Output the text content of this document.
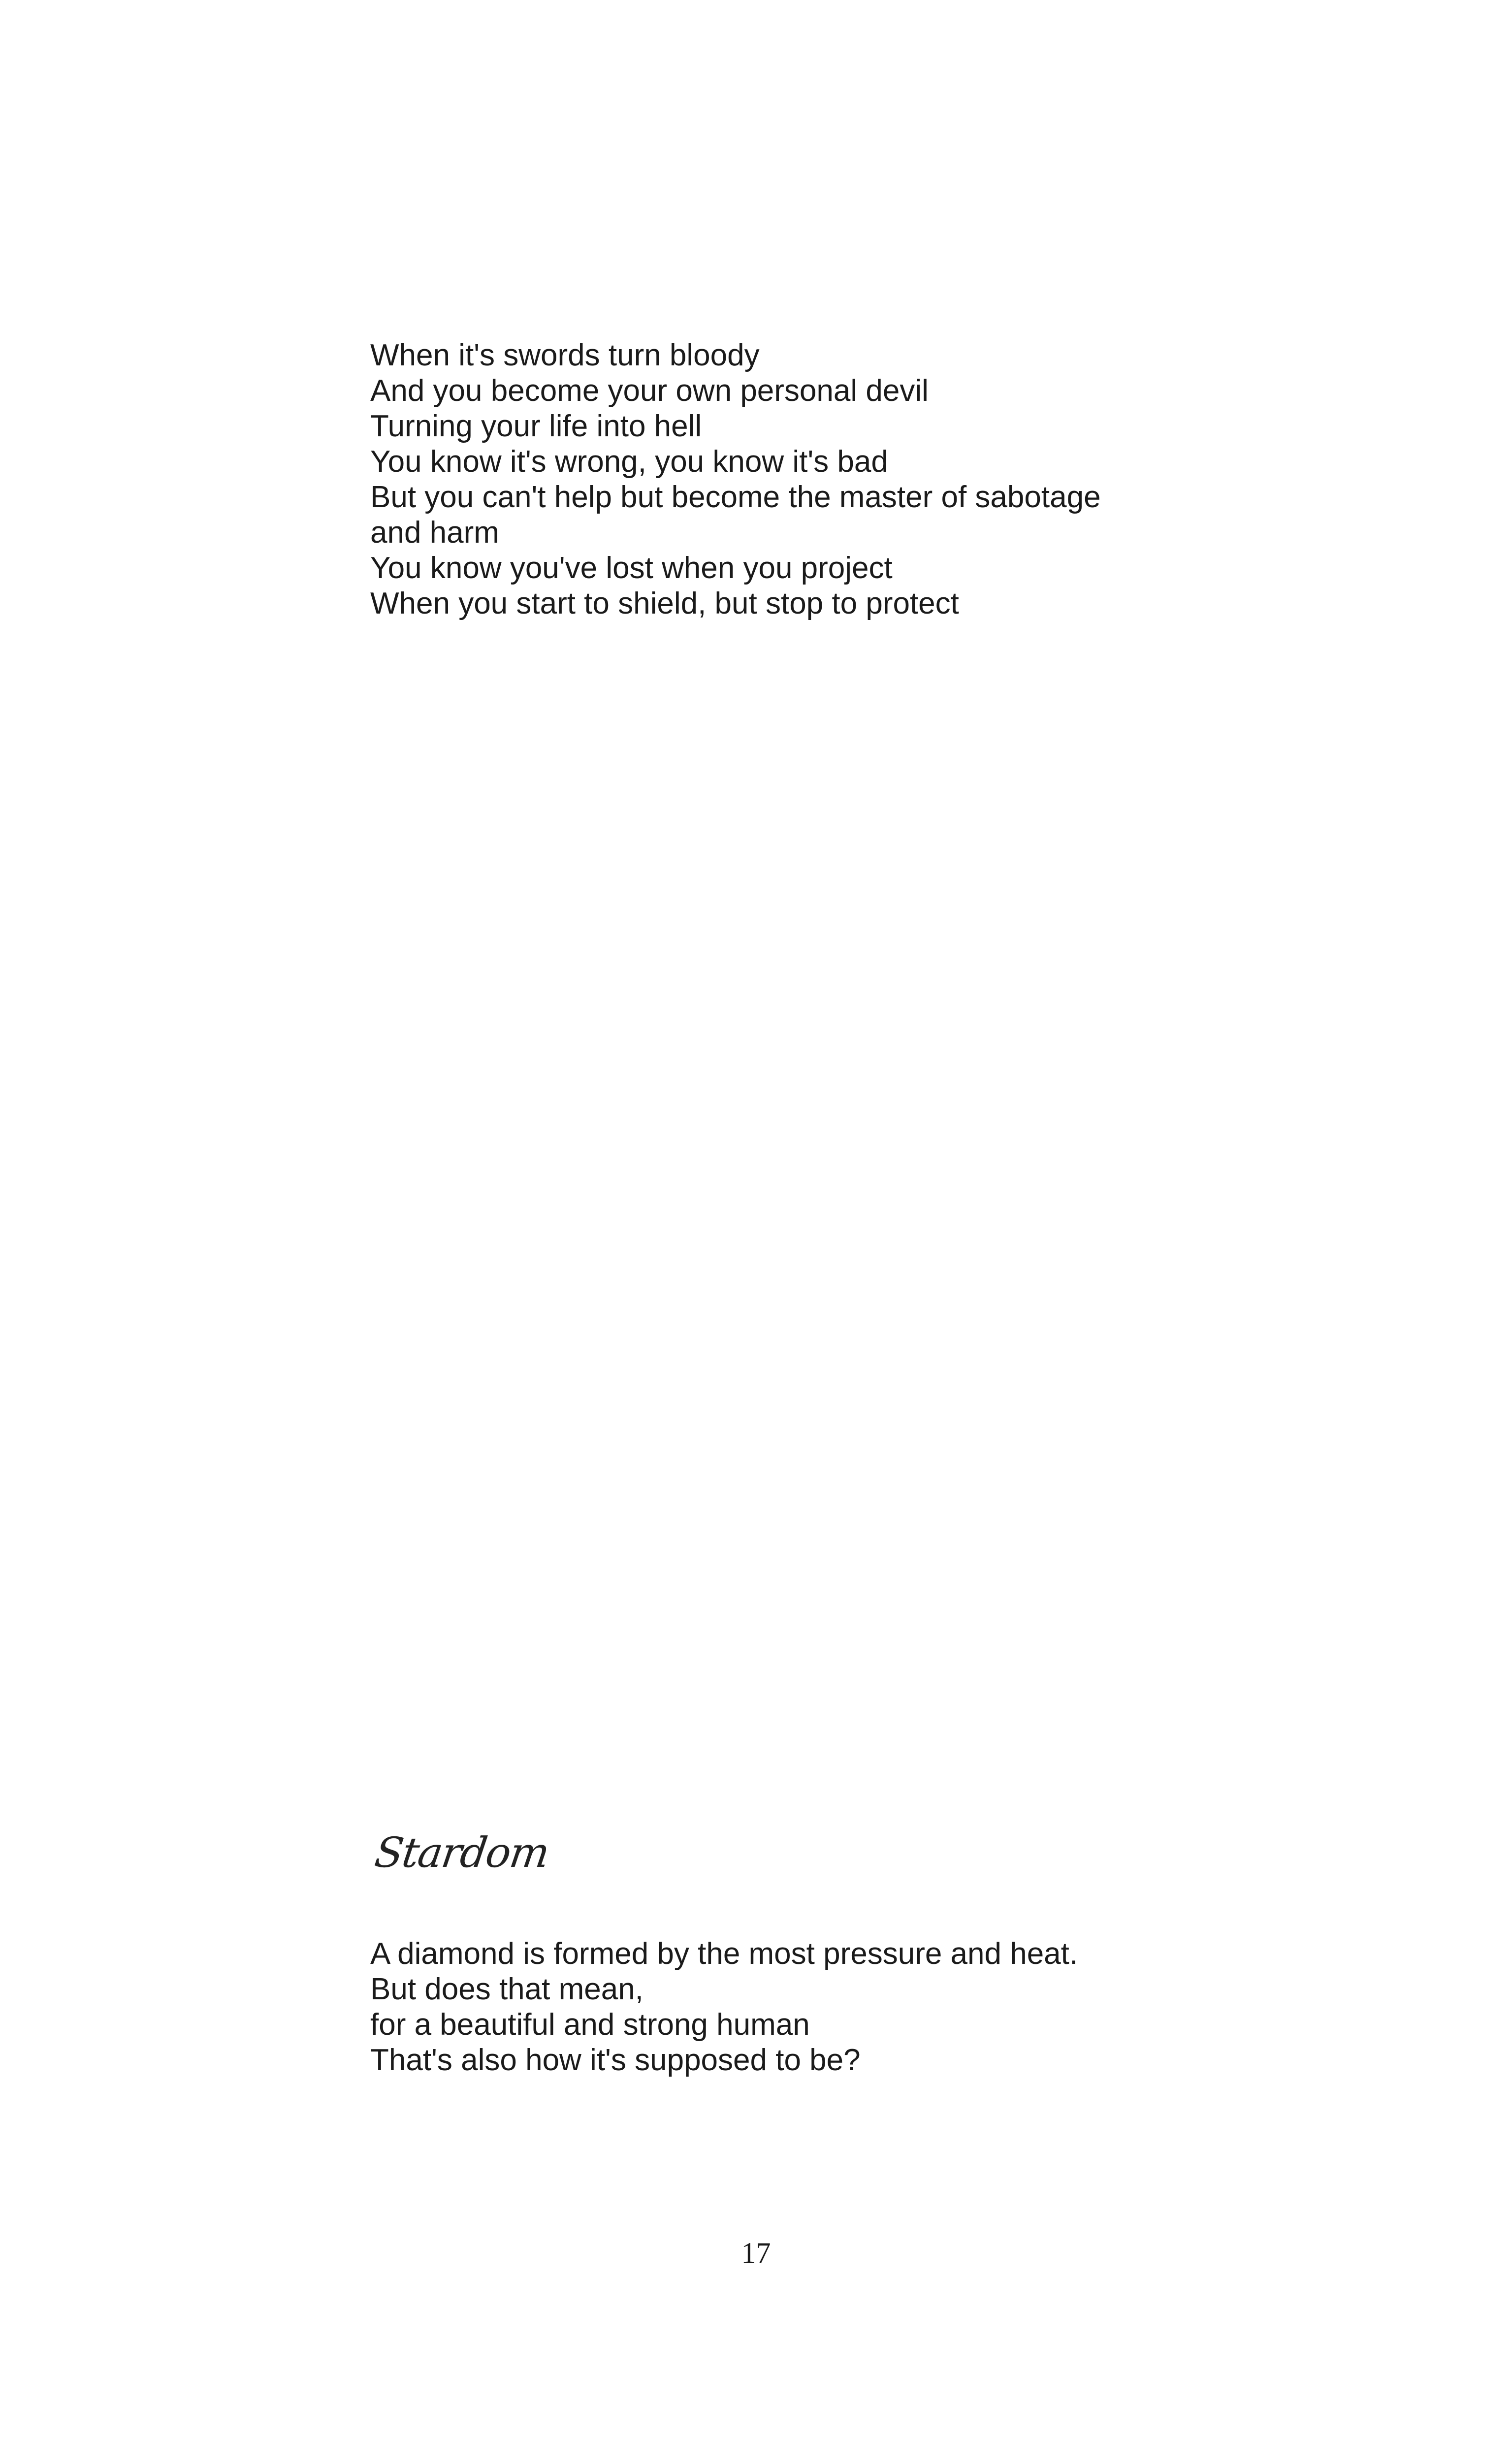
When it's swords turn bloody
And you become your own personal devil
Turning your life into hell
You know it's wrong, you know it's bad
But you can't help but become the master of sabotage
and harm
You know you've lost when you project
When you start to shield, but stop to protect
Stardom
A diamond is formed by the most pressure and heat.
But does that mean,
for a beautiful and strong human
That's also how it's supposed to be?
17
